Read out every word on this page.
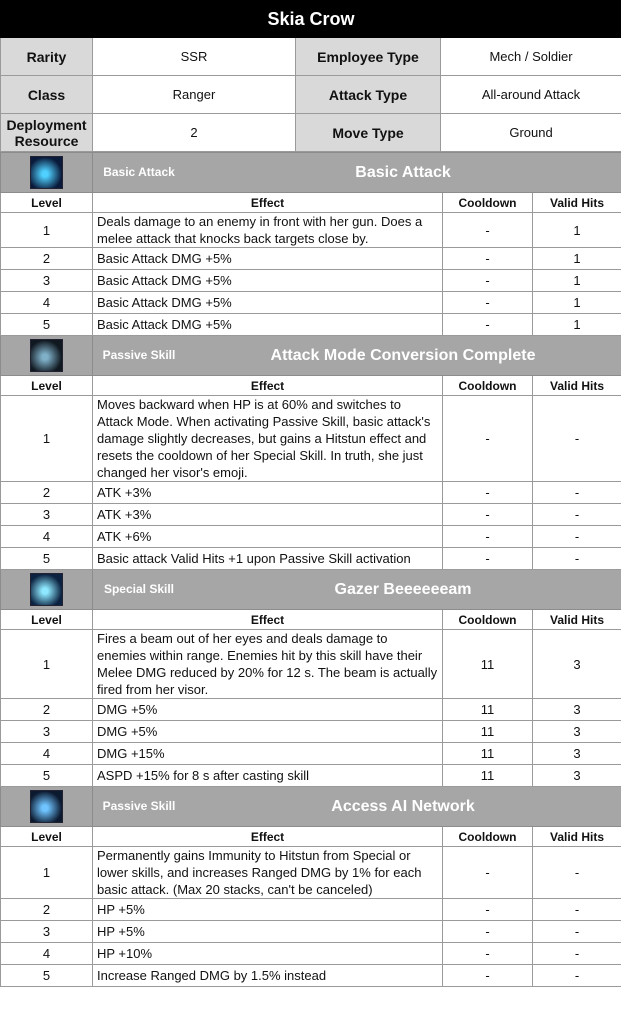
Skia Crow			
Rarity	SSR	Employee Type	Mech / Soldier
Class	Ranger	Attack Type	All-around Attack
Deployment Resource	2	Move Type	Ground

	Basic Attack Basic Attack		

Level	Effect	Cooldown	Valid Hits
1	Deals damage to an enemy in front with her gun. Does a melee attack that knocks back targets close by.	-	1
2	Basic Attack DMG +5%	-	1
3	Basic Attack DMG +5%	-	1
4	Basic Attack DMG +5%	-	1
5	Basic Attack DMG +5%	-	1

	Passive Skill Attack Mode Conversion Complete		

Level	Effect	Cooldown	Valid Hits
1	Moves backward when HP is at 60% and switches to Attack Mode. When activating Passive Skill, basic attack's damage slightly decreases, but gains a Hitstun effect and resets the cooldown of her Special Skill. In truth, she just changed her visor's emoji.	-	-
2	ATK +3%	-	-
3	ATK +3%	-	-
4	ATK +6%	-	-
5	Basic attack Valid Hits +1 upon Passive Skill activation	-	-

	Special Skill Gazer Beeeeeeam		

Level	Effect	Cooldown	Valid Hits
1	Fires a beam out of her eyes and deals damage to enemies within range. Enemies hit by this skill have their Melee DMG reduced by 20% for 12 s. The beam is actually fired from her visor.	11	3
2	DMG +5%	11	3
3	DMG +5%	11	3
4	DMG +15%	11	3
5	ASPD +15% for 8 s after casting skill	11	3

	Passive Skill Access AI Network		

Level	Effect	Cooldown	Valid Hits
1	Permanently gains Immunity to Hitstun from Special or lower skills, and increases Ranged DMG by 1% for each basic attack. (Max 20 stacks, can't be canceled)	-	-
2	HP +5%	-	-
3	HP +5%	-	-
4	HP +10%	-	-
5	Increase Ranged DMG by 1.5% instead	-	-
